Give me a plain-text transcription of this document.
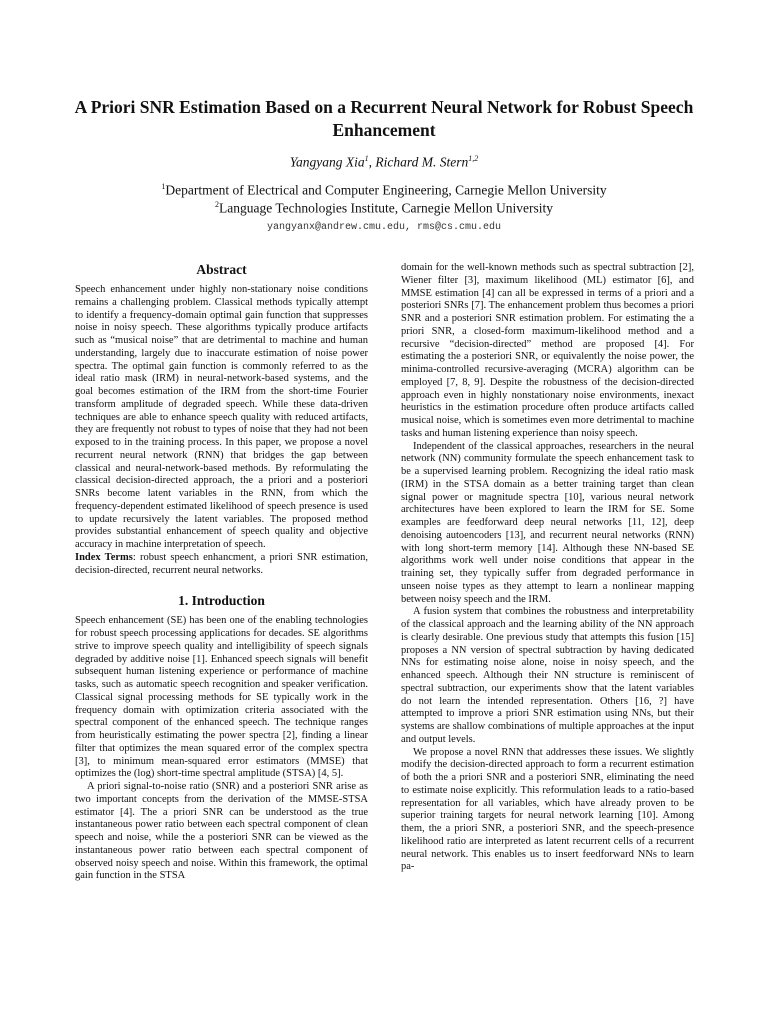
A Priori SNR Estimation Based on a Recurrent Neural Network for Robust Speech Enhancement
Yangyang Xia$^1$, Richard M. Stern$^{1,2}$
$^1$Department of Electrical and Computer Engineering, Carnegie Mellon University
$^2$Language Technologies Institute, Carnegie Mellon University
yangyanx@andrew.cmu.edu, rms@cs.cmu.edu
Abstract

Speech enhancement under highly non-stationary noise conditions remains a challenging problem. Classical methods typically attempt to identify a frequency-domain optimal gain function that suppresses noise in noisy speech. These algorithms typically produce artifacts such as “musical noise” that are detrimental to machine and human understanding, largely due to inaccurate estimation of noise power spectra. The optimal gain function is commonly referred to as the ideal ratio mask (IRM) in neural-network-based systems, and the goal becomes estimation of the IRM from the short-time Fourier transform amplitude of degraded speech. While these data-driven techniques are able to enhance speech quality with reduced artifacts, they are frequently not robust to types of noise that they had not been exposed to in the training process. In this paper, we propose a novel recurrent neural network (RNN) that bridges the gap between classical and neural-network-based methods. By reformulating the classical decision-directed approach, the a priori and a posteriori SNRs become latent variables in the RNN, from which the frequency-dependent estimated likelihood of speech presence is used to update recursively the latent variables. The proposed method provides substantial enhancement of speech quality and objective accuracy in machine interpretation of speech.

Index Terms: robust speech enhancment, a priori SNR estimation, decision-directed, recurrent neural networks.

1. Introduction

Speech enhancement (SE) has been one of the enabling technologies for robust speech processing applications for decades. SE algorithms strive to improve speech quality and intelligibility of speech signals degraded by additive noise [1]. Enhanced speech signals will benefit subsequent human listening experience or performance of machine tasks, such as automatic speech recognition and speaker verification. Classical signal processing methods for SE typically work in the frequency domain with optimization criteria associated with the spectral component of the enhanced speech. The technique ranges from heuristically estimating the power spectra [2], finding a linear filter that optimizes the mean squared error of the complex spectra [3], to minimum mean-squared error estimators (MMSE) that optimizes the (log) short-time spectral amplitude (STSA) [4, 5].

A priori signal-to-noise ratio (SNR) and a posteriori SNR arise as two important concepts from the derivation of the MMSE-STSA estimator [4]. The a priori SNR can be understood as the true instantaneous power ratio between each spectral component of clean speech and noise, while the a posteriori SNR can be viewed as the instantaneous power ratio between each spectral component of observed noisy speech and noise. Within this framework, the optimal gain function in the STSA

domain for the well-known methods such as spectral subtraction [2], Wiener filter [3], maximum likelihood (ML) estimator [6], and MMSE estimation [4] can all be expressed in terms of a priori and a posteriori SNRs [7]. The enhancement problem thus becomes a priori SNR and a posteriori SNR estimation problem. For estimating the a priori SNR, a closed-form maximum-likelihood method and a recursive “decision-directed” method are proposed [4]. For estimating the a posteriori SNR, or equivalently the noise power, the minima-controlled recursive-averaging (MCRA) algorithm can be employed [7, 8, 9]. Despite the robustness of the decision-directed approach even in highly nonstationary noise environments, inexact heuristics in the estimation procedure often produce artifacts called musical noise, which is sometimes even more detrimental to machine tasks and human listening experience than noisy speech.

Independent of the classical approaches, researchers in the neural network (NN) community formulate the speech enhancement task to be a supervised learning problem. Recognizing the ideal ratio mask (IRM) in the STSA domain as a better training target than clean signal power or magnitude spectra [10], various neural network architectures have been explored to learn the IRM for SE. Some examples are feedforward deep neural networks [11, 12], deep denoising autoencoders [13], and recurrent neural networks (RNN) with long short-term memory [14]. Although these NN-based SE algorithms work well under noise conditions that appear in the training set, they typically suffer from degraded performance in unseen noise types as they attempt to learn a nonlinear mapping between noisy speech and the IRM.

A fusion system that combines the robustness and interpretability of the classical approach and the learning ability of the NN approach is clearly desirable. One previous study that attempts this fusion [15] proposes a NN version of spectral subtraction by having dedicated NNs for estimating noise alone, noise in noisy speech, and the enhanced speech. Although their NN structure is reminiscent of spectral subtraction, our experiments show that the latent variables do not learn the intended representation. Others [16, ?] have attempted to improve a priori SNR estimation using NNs, but their systems are shallow combinations of multiple approaches at the input and output levels.

We propose a novel RNN that addresses these issues. We slightly modify the decision-directed approach to form a recurrent estimation of both the a priori SNR and a posteriori SNR, eliminating the need to estimate noise explicitly. This reformulation leads to a ratio-based representation for all variables, which have already proven to be superior training targets for neural network learning [10]. Among them, the a priori SNR, a posteriori SNR, and the speech-presence likelihood ratio are interpreted as latent recurrent cells of a recurrent neural network. This enables us to insert feedforward NNs to learn pa-
